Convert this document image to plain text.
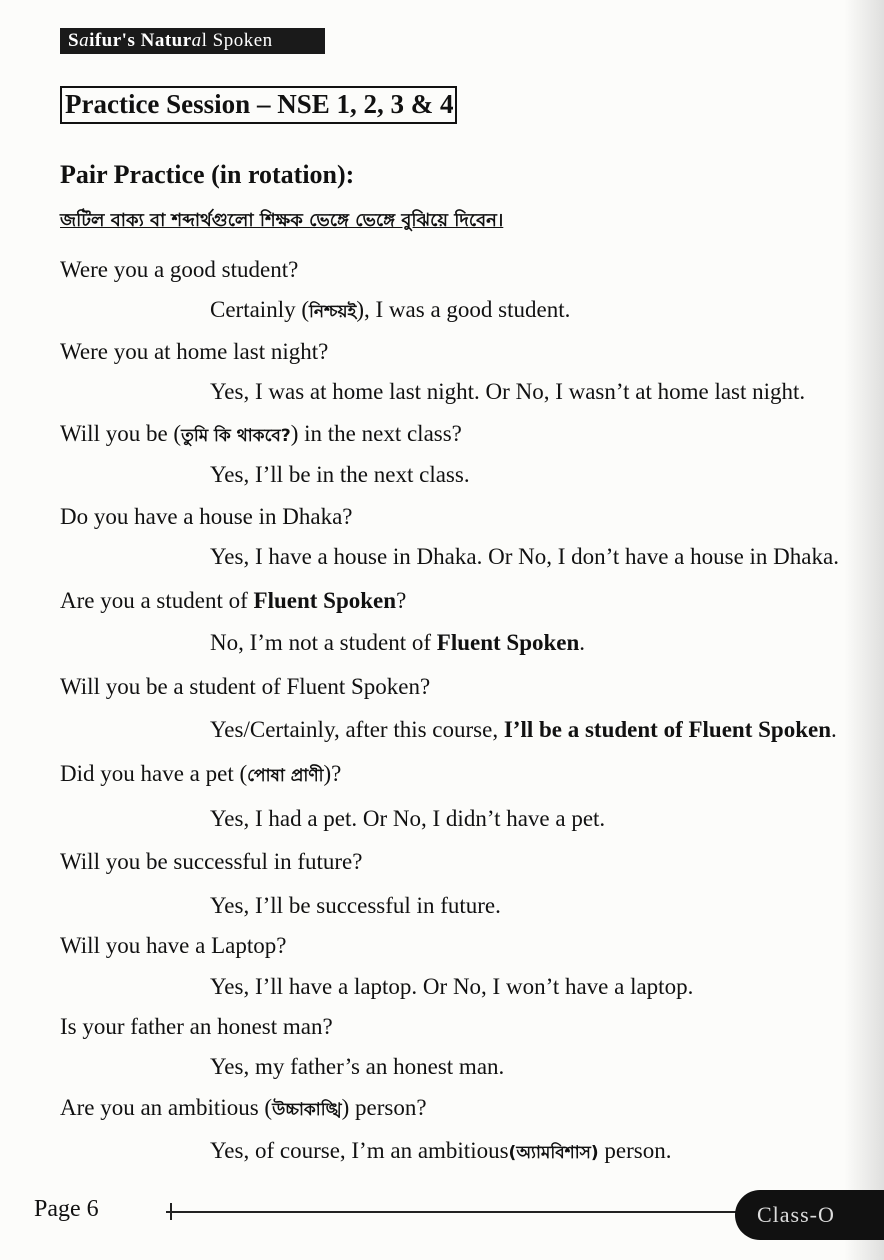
Saifur's Natural Spoken
Practice Session – NSE 1, 2, 3 & 4
Pair Practice (in rotation):
জটিল বাক্য বা শব্দার্থগুলো শিক্ষক ভেঙ্গে ভেঙ্গে বুঝিয়ে দিবেন।
Were you a good student?
Certainly (নিশ্চয়ই), I was a good student.
Were you at home last night?
Yes, I was at home last night. Or No, I wasn’t at home last night.
Will you be (তুমি কি থাকবে?) in the next class?
Yes, I’ll be in the next class.
Do you have a house in Dhaka?
Yes, I have a house in Dhaka. Or No, I don’t have a house in Dhaka.
Are you a student of Fluent Spoken?
No, I’m not a student of Fluent Spoken.
Will you be a student of Fluent Spoken?
Yes/Certainly, after this course, I’ll be a student of Fluent Spoken.
Did you have a pet (পোষা প্রাণী)?
Yes, I had a pet. Or No, I didn’t have a pet.
Will you be successful in future?
Yes, I’ll be successful in future.
Will you have a Laptop?
Yes, I’ll have a laptop. Or No, I won’t have a laptop.
Is your father an honest man?
Yes, my father’s an honest man.
Are you an ambitious (উচ্চাকাঙ্খি) person?
Yes, of course, I’m an ambitious(অ্যামবিশাস) person.
Page 6	Class-O
